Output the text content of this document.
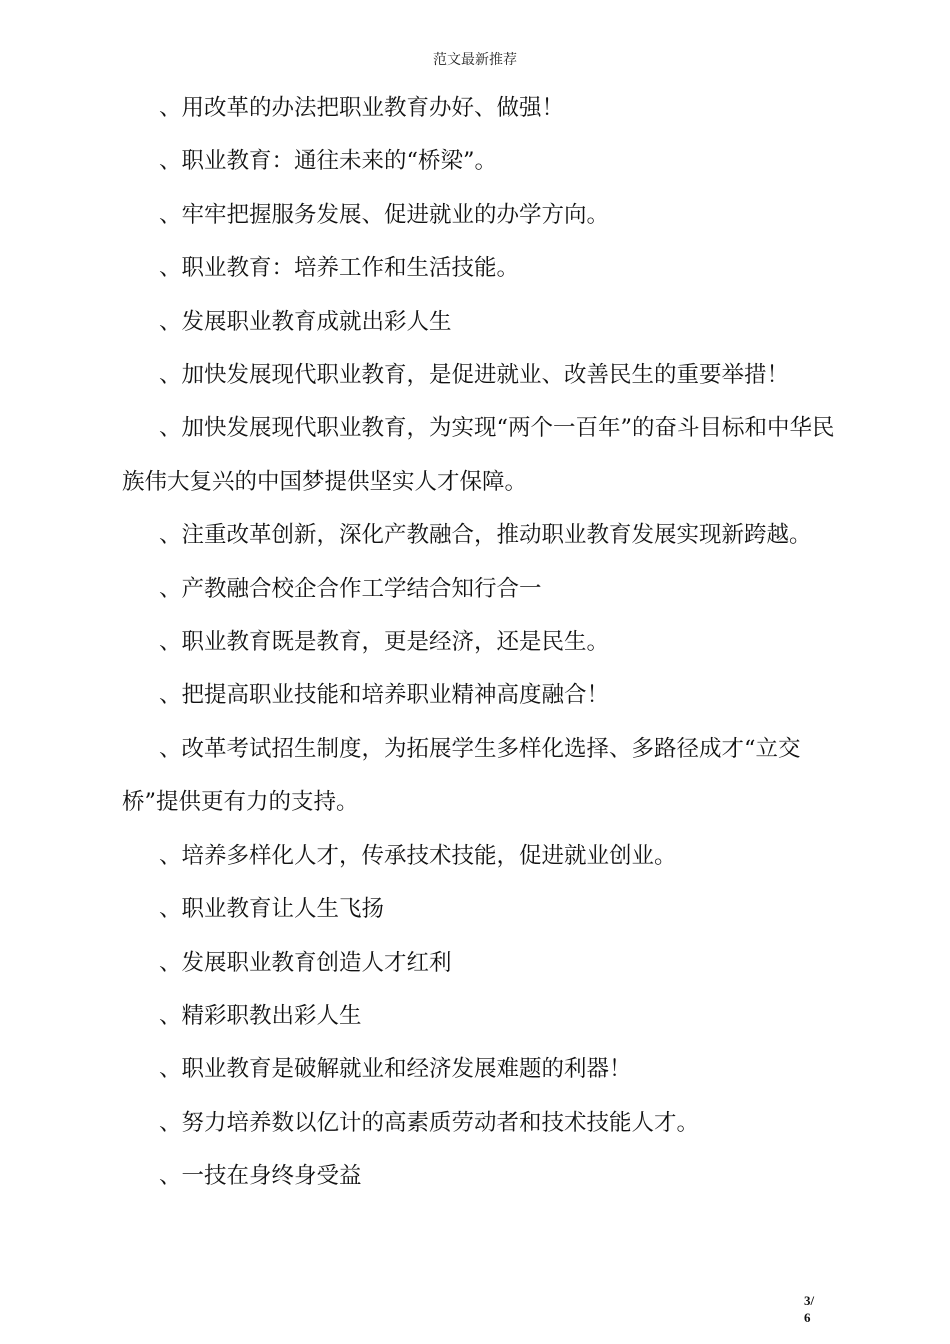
范文最新推荐

、用改革的办法把职业教育办好、做强！

、职业教育：通往未来的“桥梁”。

、牢牢把握服务发展、促进就业的办学方向。

、职业教育：培养工作和生活技能。

、发展职业教育成就出彩人生

、加快发展现代职业教育，是促进就业、改善民生的重要举措！

、加快发展现代职业教育，为实现“两个一百年”的奋斗目标和中华民族伟大复兴的中国梦提供坚实人才保障。

、注重改革创新，深化产教融合，推动职业教育发展实现新跨越。

、产教融合校企合作工学结合知行合一

、职业教育既是教育，更是经济，还是民生。

、把提高职业技能和培养职业精神高度融合！

、改革考试招生制度，为拓展学生多样化选择、多路径成才“立交桥”提供更有力的支持。

、培养多样化人才，传承技术技能，促进就业创业。

、职业教育让人生飞扬

、发展职业教育创造人才红利

、精彩职教出彩人生

、职业教育是破解就业和经济发展难题的利器！

、努力培养数以亿计的高素质劳动者和技术技能人才。

、一技在身终身受益

3/
6
